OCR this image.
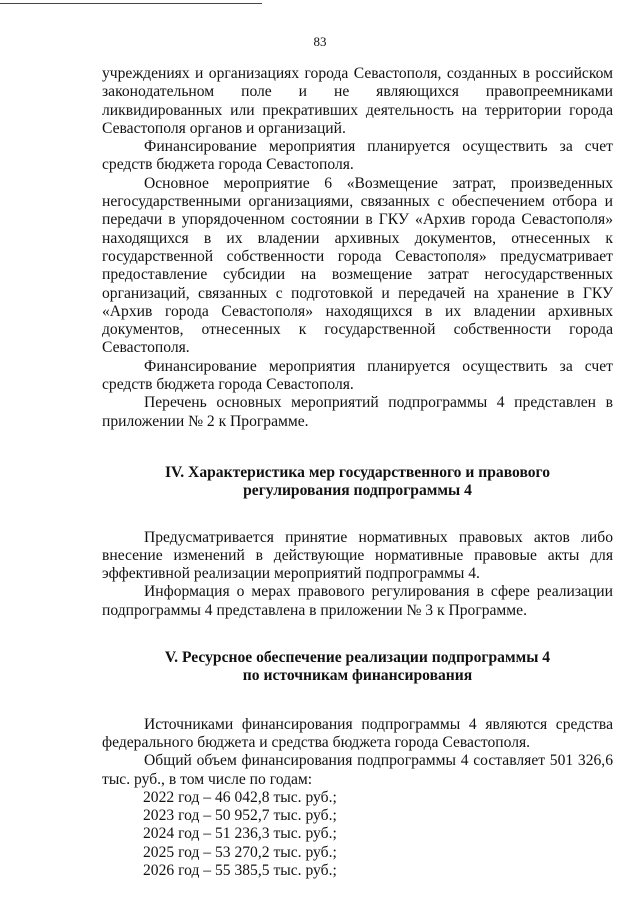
83

учреждениях и организациях города Севастополя, созданных в российском законодательном поле и не являющихся правопреемниками ликвидированных или прекративших деятельность на территории города Севастополя органов и организаций.

Финансирование мероприятия планируется осуществить за счет средств бюджета города Севастополя.

Основное мероприятие 6 «Возмещение затрат, произведенных негосударственными организациями, связанных с обеспечением отбора и передачи в упорядоченном состоянии в ГКУ «Архив города Севастополя» находящихся в их владении архивных документов, отнесенных к государственной собственности города Севастополя» предусматривает предоставление субсидии на возмещение затрат негосударственных организаций, связанных с подготовкой и передачей на хранение в ГКУ «Архив города Севастополя» находящихся в их владении архивных документов, отнесенных к государственной собственности города Севастополя.

Финансирование мероприятия планируется осуществить за счет средств бюджета города Севастополя.

Перечень основных мероприятий подпрограммы 4 представлен в приложении № 2 к Программе.

IV. Характеристика мер государственного и правового

регулирования подпрограммы 4

Предусматривается принятие нормативных правовых актов либо внесение изменений в действующие нормативные правовые акты для эффективной реализации мероприятий подпрограммы 4.

Информация о мерах правового регулирования в сфере реализации подпрограммы 4 представлена в приложении № 3 к Программе.

V. Ресурсное обеспечение реализации подпрограммы 4

по источникам финансирования

Источниками финансирования подпрограммы 4 являются средства федерального бюджета и средства бюджета города Севастополя.

Общий объем финансирования подпрограммы 4 составляет 501 326,6 тыс. руб., в том числе по годам:

2022 год – 46 042,8 тыс. руб.;

2023 год – 50 952,7 тыс. руб.;

2024 год – 51 236,3 тыс. руб.;

2025 год – 53 270,2 тыс. руб.;

2026 год – 55 385,5 тыс. руб.;
